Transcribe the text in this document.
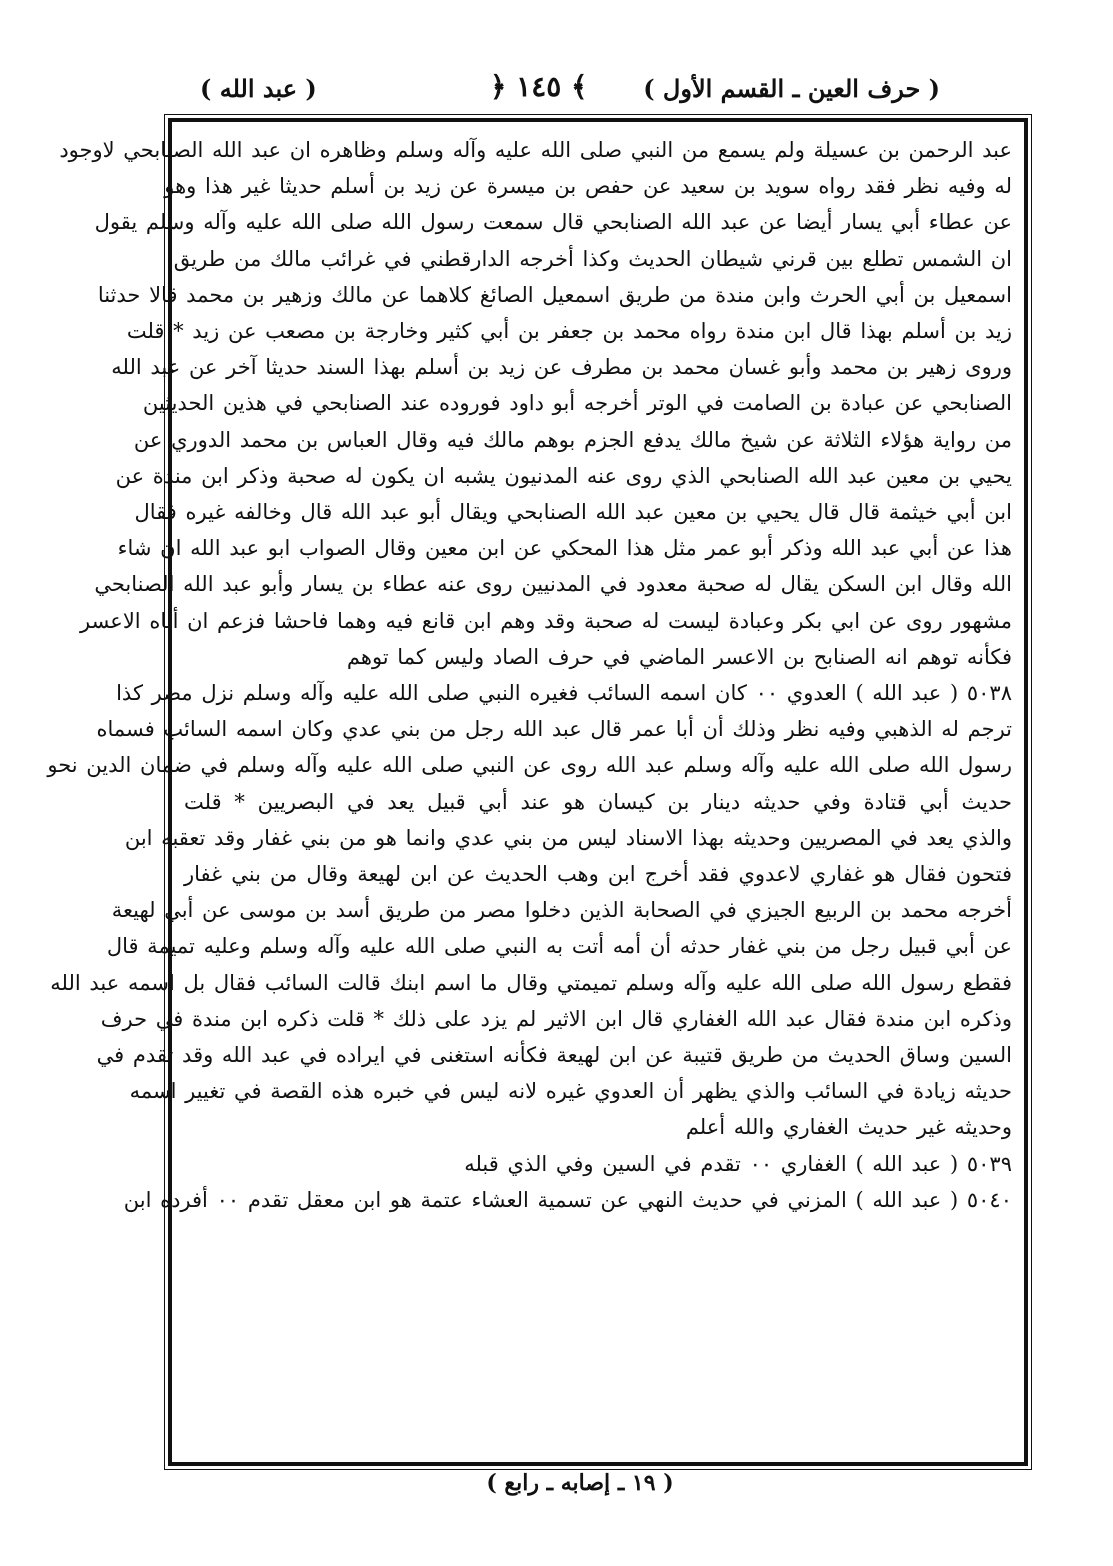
( عبد الله )	﴿ ١٤٥ ﴾ ( حرف العين ـ القسم الأول )
عبد الرحمن بن عسيلة ولم يسمع من النبي صلى الله عليه وآله وسلم وظاهره ان عبد الله الصنابحي لاوجود
له وفيه نظر فقد رواه سويد بن سعيد عن حفص بن ميسرة عن زيد بن أسلم حديثا غير هذا وهو
عن عطاء أبي يسار أيضا عن عبد الله الصنابحي قال سمعت رسول الله صلى الله عليه وآله وسلم يقول
ان الشمس تطلع بين قرني شيطان الحديث وكذا أخرجه الدارقطني في غرائب مالك من طريق
اسمعيل بن أبي الحرث وابن مندة من طريق اسمعيل الصائغ كلاهما عن مالك وزهير بن محمد قالا حدثنا
زيد بن أسلم بهذا قال ابن مندة رواه محمد بن جعفر بن أبي كثير وخارجة بن مصعب عن زيد * قلت
وروى زهير بن محمد وأبو غسان محمد بن مطرف عن زيد بن أسلم بهذا السند حديثا آخر عن عبد الله
الصنابحي عن عبادة بن الصامت في الوتر أخرجه أبو داود فوروده عند الصنابحي في هذين الحديثين
من رواية هؤلاء الثلاثة عن شيخ مالك يدفع الجزم بوهم مالك فيه وقال العباس بن محمد الدوري عن
يحيي بن معين عبد الله الصنابحي الذي روى عنه المدنيون يشبه ان يكون له صحبة وذكر ابن مندة عن
ابن أبي خيثمة قال قال يحيي بن معين عبد الله الصنابحي ويقال أبو عبد الله قال وخالفه غيره فقال
هذا عن أبي عبد الله وذكر أبو عمر مثل هذا المحكي عن ابن معين وقال الصواب ابو عبد الله ان شاء
الله وقال ابن السكن يقال له صحبة معدود في المدنيين روى عنه عطاء بن يسار وأبو عبد الله الصنابحي
مشهور روى عن ابي بكر وعبادة ليست له صحبة وقد وهم ابن قانع فيه وهما فاحشا فزعم ان أباه الاعسر
فكأنه توهم انه الصنابح بن الاعسر الماضي في حرف الصاد وليس كما توهم
٥٠٣٨ ( عبد الله ) العدوي ٠٠ كان اسمه السائب فغيره النبي صلى الله عليه وآله وسلم نزل مصر كذا
ترجم له الذهبي وفيه نظر وذلك أن أبا عمر قال عبد الله رجل من بني عدي وكان اسمه السائب فسماه
رسول الله صلى الله عليه وآله وسلم عبد الله روى عن النبي صلى الله عليه وآله وسلم في ضمان الدين نحو
حديث أبي قتادة وفي حديثه دينار بن كيسان هو عند أبي قبيل يعد في البصريين * قلت
والذي يعد في المصريين وحديثه بهذا الاسناد ليس من بني عدي وانما هو من بني غفار وقد تعقبه ابن
فتحون فقال هو غفاري لاعدوي فقد أخرج ابن وهب الحديث عن ابن لهيعة وقال من بني غفار
أخرجه محمد بن الربيع الجيزي في الصحابة الذين دخلوا مصر من طريق أسد بن موسى عن أبي لهيعة
عن أبي قبيل رجل من بني غفار حدثه أن أمه أتت به النبي صلى الله عليه وآله وسلم وعليه تميمة قال
فقطع رسول الله صلى الله عليه وآله وسلم تميمتي وقال ما اسم ابنك قالت السائب فقال بل اسمه عبد الله
وذكره ابن مندة فقال عبد الله الغفاري قال ابن الاثير لم يزد على ذلك * قلت ذكره ابن مندة في حرف
السين وساق الحديث من طريق قتيبة عن ابن لهيعة فكأنه استغنى في ايراده في عبد الله وقد تقدم في
حديثه زيادة في السائب والذي يظهر أن العدوي غيره لانه ليس في خبره هذه القصة في تغيير اسمه
وحديثه غير حديث الغفاري والله أعلم
٥٠٣٩ ( عبد الله ) الغفاري ٠٠ تقدم في السين وفي الذي قبله
٥٠٤٠ ( عبد الله ) المزني في حديث النهي عن تسمية العشاء عتمة هو ابن معقل تقدم ٠٠ أفرده ابن
( ١٩ ـ إصابه ـ رابع )
